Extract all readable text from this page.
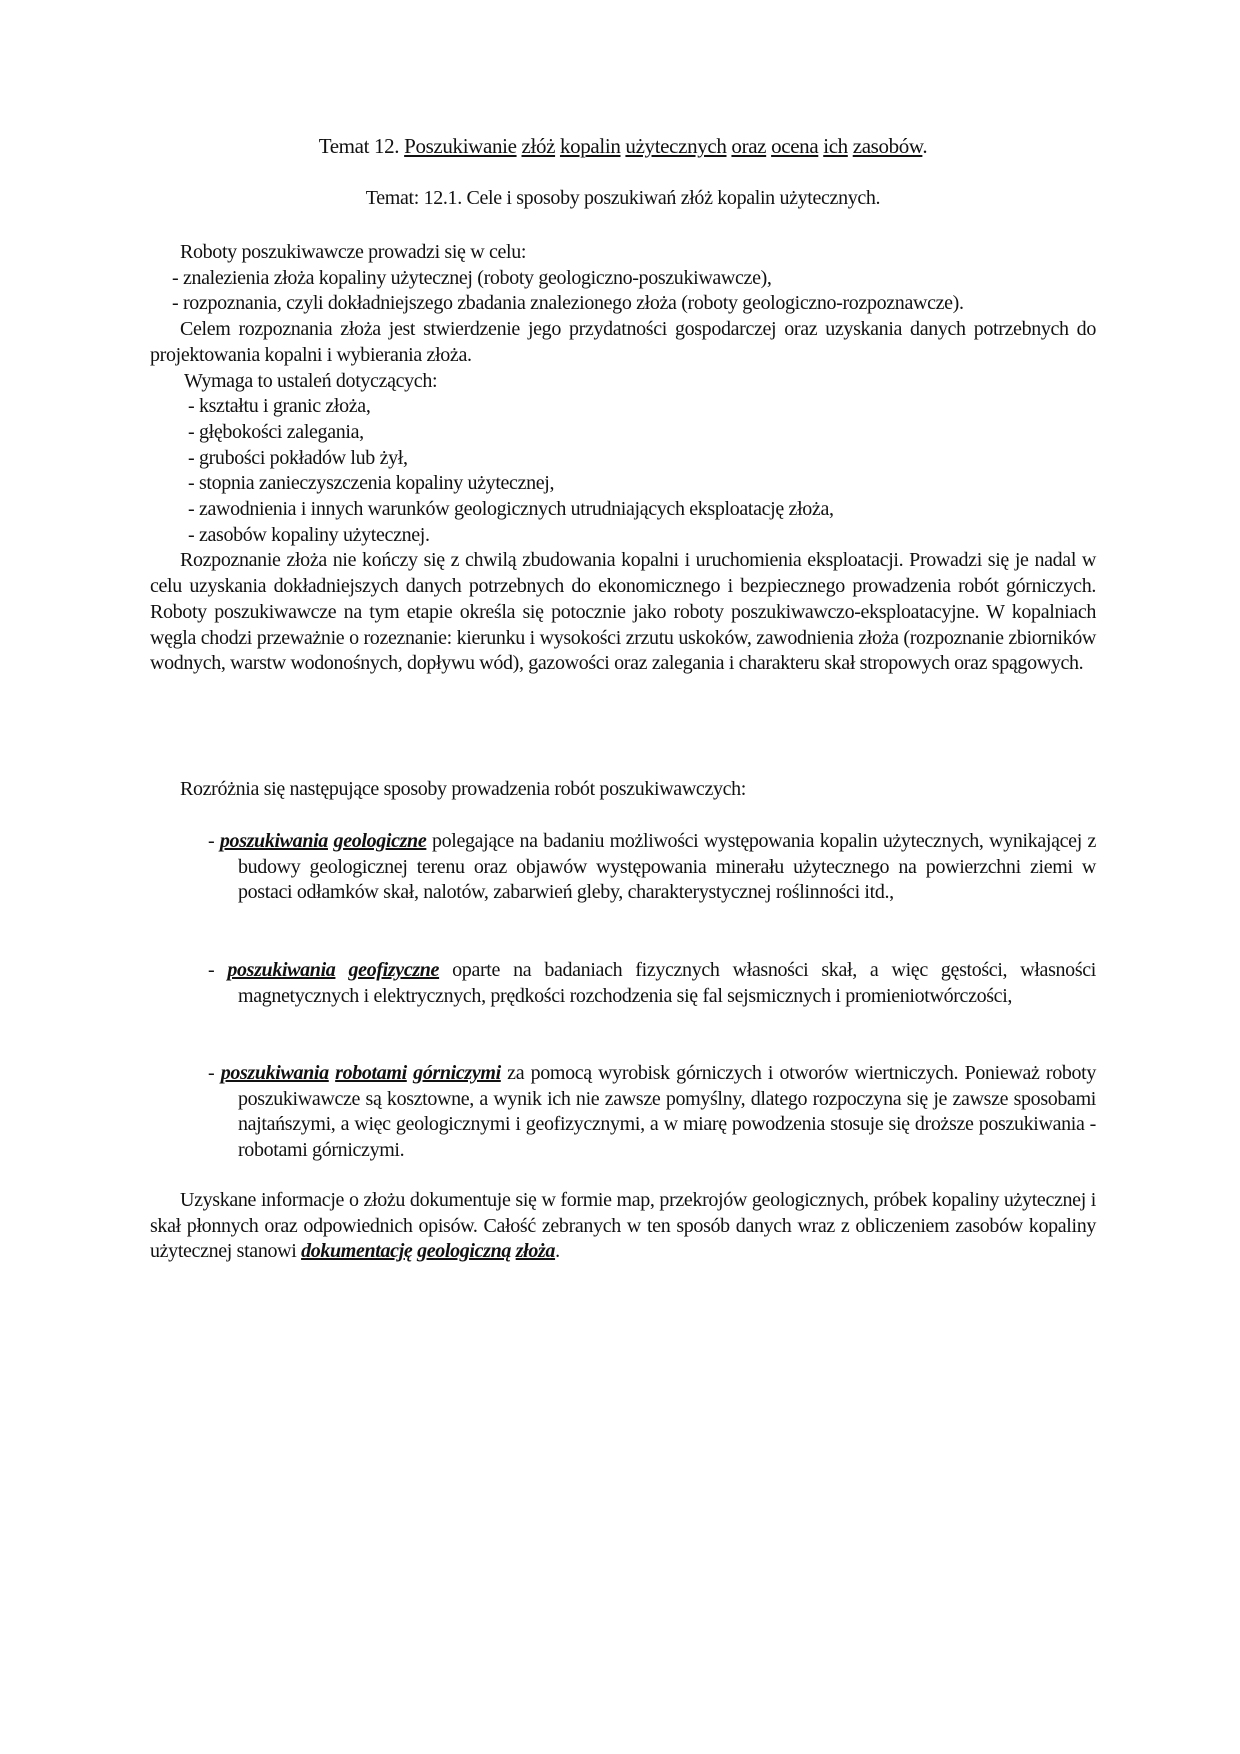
Temat 12. Poszukiwanie złóż kopalin użytecznych oraz ocena ich zasobów.
Temat: 12.1. Cele i sposoby poszukiwań złóż kopalin użytecznych.

Roboty poszukiwawcze prowadzi się w celu:

- znalezienia złoża kopaliny użytecznej (roboty geologiczno-poszukiwawcze),

- rozpoznania, czyli dokładniejszego zbadania znalezionego złoża (roboty geologiczno-rozpoznawcze).

Celem rozpoznania złoża jest stwierdzenie jego przydatności gospodarczej oraz uzyskania danych potrzebnych do projektowania kopalni i wybierania złoża.

Wymaga to ustaleń dotyczących:

- kształtu i granic złoża,

- głębokości zalegania,

- grubości pokładów lub żył,

- stopnia zanieczyszczenia kopaliny użytecznej,

- zawodnienia i innych warunków geologicznych utrudniających eksploatację złoża,

- zasobów kopaliny użytecznej.

Rozpoznanie złoża nie kończy się z chwilą zbudowania kopalni i uruchomienia eksploatacji. Prowadzi się je nadal w celu uzyskania dokładniejszych danych potrzebnych do ekonomicznego i bezpiecznego prowadzenia robót górniczych. Roboty poszukiwawcze na tym etapie określa się potocznie jako roboty poszukiwawczo-eksploatacyjne. W kopalniach węgla chodzi przeważnie o rozeznanie: kierunku i wysokości zrzutu uskoków, zawodnienia złoża (rozpoznanie zbiorników wodnych, warstw wodonośnych, dopływu wód), gazowości oraz zalegania i charakteru skał stropowych oraz spągowych.

Rozróżnia się następujące sposoby prowadzenia robót poszukiwawczych:
- poszukiwania geologiczne polegające na badaniu możliwości występowania kopalin użytecznych, wynikającej z budowy geologicznej terenu oraz objawów występowania minerału użytecznego na powierzchni ziemi w postaci odłamków skał, nalotów, zabarwień gleby, charakterystycznej roślinności itd.,
- poszukiwania geofizyczne oparte na badaniach fizycznych własności skał, a więc gęstości, własności magnetycznych i elektrycznych, prędkości rozchodzenia się fal sejsmicznych i promieniotwórczości,
- poszukiwania robotami górniczymi za pomocą wyrobisk górniczych i otworów wiertniczych. Ponieważ roboty poszukiwawcze są kosztowne, a wynik ich nie zawsze pomyślny, dlatego rozpoczyna się je zawsze sposobami najtańszymi, a więc geologicznymi i geofizycznymi, a w miarę powodzenia stosuje się droższe poszukiwania - robotami górniczymi.
Uzyskane informacje o złożu dokumentuje się w formie map, przekrojów geologicznych, próbek kopaliny użytecznej i skał płonnych oraz odpowiednich opisów. Całość zebranych w ten sposób danych wraz z obliczeniem zasobów kopaliny użytecznej stanowi dokumentację geologiczną złoża.
